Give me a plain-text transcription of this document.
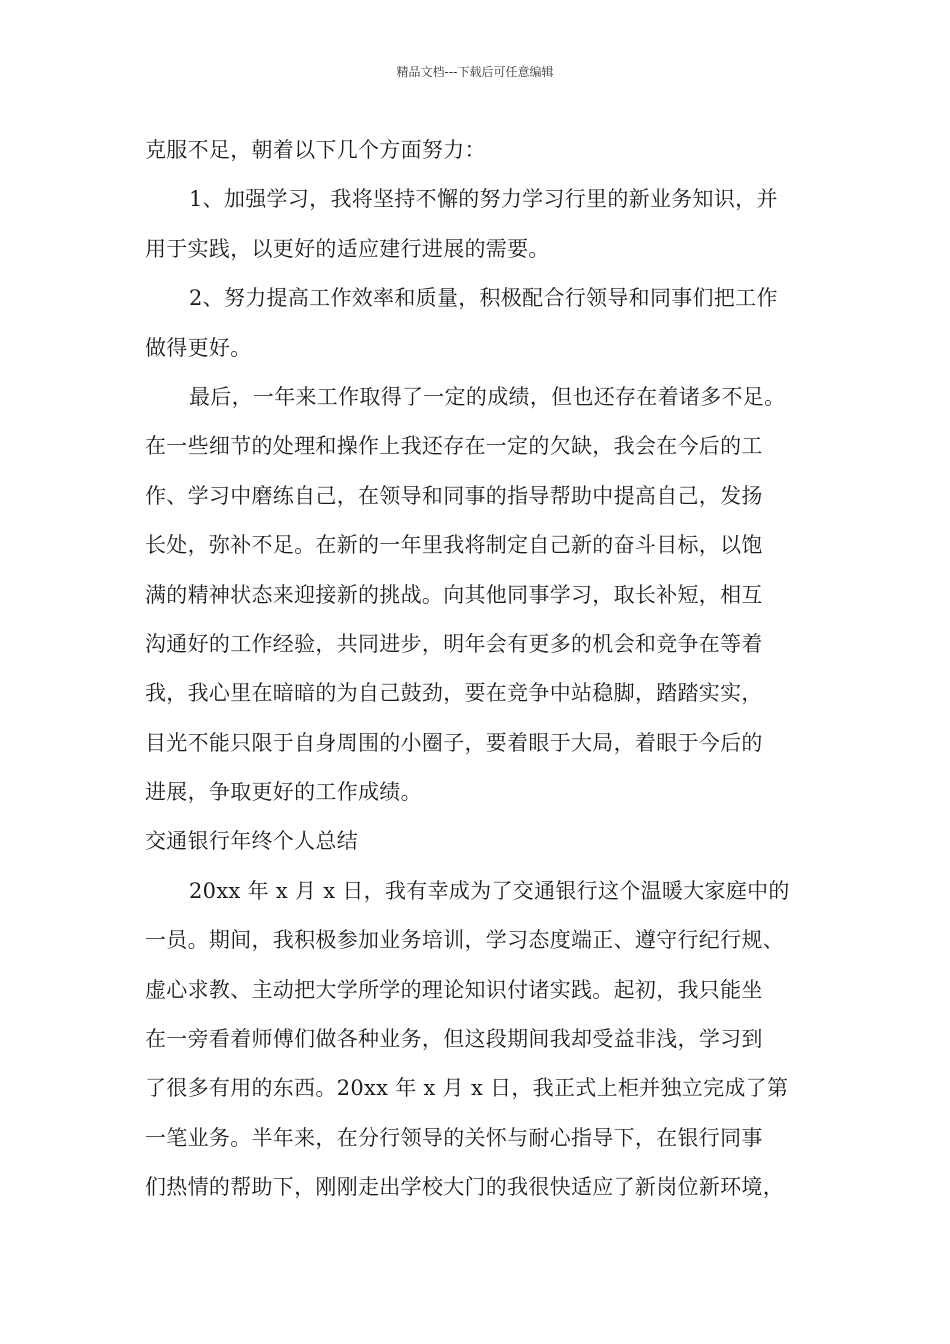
精品文档---下载后可任意编辑
克服不足，朝着以下几个方面努力：
1、加强学习，我将坚持不懈的努力学习行里的新业务知识，并
用于实践，以更好的适应建行进展的需要。
2、努力提高工作效率和质量，积极配合行领导和同事们把工作
做得更好。
最后，一年来工作取得了一定的成绩，但也还存在着诸多不足。
在一些细节的处理和操作上我还存在一定的欠缺，我会在今后的工
作、学习中磨练自己，在领导和同事的指导帮助中提高自己，发扬
长处，弥补不足。在新的一年里我将制定自己新的奋斗目标，以饱
满的精神状态来迎接新的挑战。向其他同事学习，取长补短，相互
沟通好的工作经验，共同进步，明年会有更多的机会和竞争在等着
我，我心里在暗暗的为自己鼓劲，要在竞争中站稳脚，踏踏实实，
目光不能只限于自身周围的小圈子，要着眼于大局，着眼于今后的
进展，争取更好的工作成绩。
交通银行年终个人总结
20xx 年 x 月 x 日，我有幸成为了交通银行这个温暖大家庭中的
一员。期间，我积极参加业务培训，学习态度端正、遵守行纪行规、
虚心求教、主动把大学所学的理论知识付诸实践。起初，我只能坐
在一旁看着师傅们做各种业务，但这段期间我却受益非浅，学习到
了很多有用的东西。20xx 年 x 月 x 日，我正式上柜并独立完成了第
一笔业务。半年来，在分行领导的关怀与耐心指导下，在银行同事
们热情的帮助下，刚刚走出学校大门的我很快适应了新岗位新环境，
